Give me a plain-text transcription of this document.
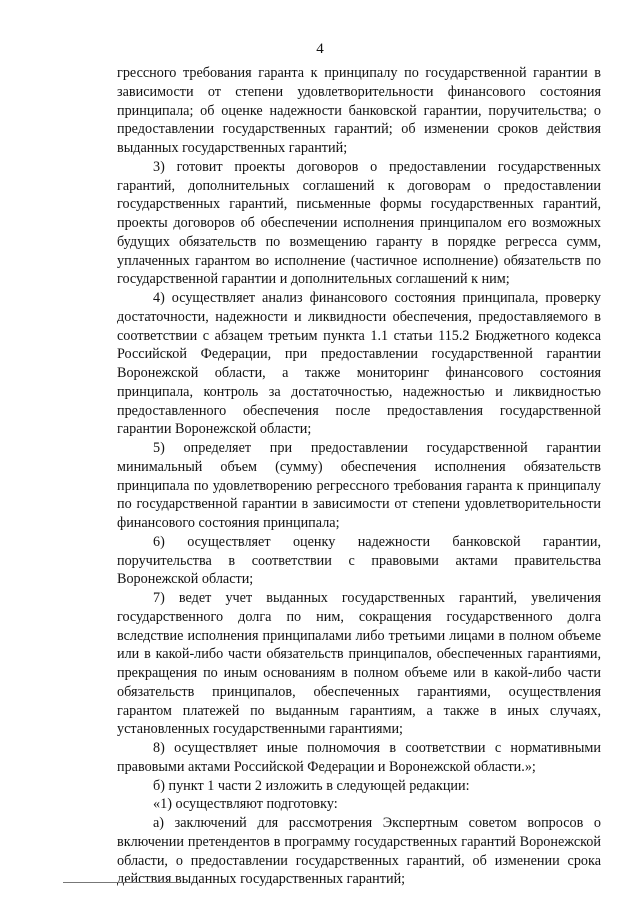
4

грессного требования гаранта к принципалу по государственной гарантии в зависимости от степени удовлетворительности финансового состояния принципала; об оценке надежности банковской гарантии, поручительства; о предоставлении государственных гарантий; об изменении сроков действия выданных государственных гарантий;

3) готовит проекты договоров о предоставлении государственных гарантий, дополнительных соглашений к договорам о предоставлении государственных гарантий, письменные формы государственных гарантий, проекты договоров об обеспечении исполнения принципалом его возможных будущих обязательств по возмещению гаранту в порядке регресса сумм, уплаченных гарантом во исполнение (частичное исполнение) обязательств по государственной гарантии и дополнительных соглашений к ним;

4) осуществляет анализ финансового состояния принципала, проверку достаточности, надежности и ликвидности обеспечения, предоставляемого в соответствии с абзацем третьим пункта 1.1 статьи 115.2 Бюджетного кодекса Российской Федерации, при предоставлении государственной гарантии Воронежской области, а также мониторинг финансового состояния принципала, контроль за достаточностью, надежностью и ликвидностью предоставленного обеспечения после предоставления государственной гарантии Воронежской области;

5) определяет при предоставлении государственной гарантии минимальный объем (сумму) обеспечения исполнения обязательств принципала по удовлетворению регрессного требования гаранта к принципалу по государственной гарантии в зависимости от степени удовлетворительности финансового состояния принципала;

6) осуществляет оценку надежности банковской гарантии, поручительства в соответствии с правовыми актами правительства Воронежской области;

7) ведет учет выданных государственных гарантий, увеличения государственного долга по ним, сокращения государственного долга вследствие исполнения принципалами либо третьими лицами в полном объеме или в какой-либо части обязательств принципалов, обеспеченных гарантиями, прекращения по иным основаниям в полном объеме или в какой-либо части обязательств принципалов, обеспеченных гарантиями, осуществления гарантом платежей по выданным гарантиям, а также в иных случаях, установленных государственными гарантиями;

8) осуществляет иные полномочия в соответствии с нормативными правовыми актами Российской Федерации и Воронежской области.»;

б) пункт 1 части 2 изложить в следующей редакции:

«1) осуществляют подготовку:

а) заключений для рассмотрения Экспертным советом вопросов о включении претендентов в программу государственных гарантий Воронежской области, о предоставлении государственных гарантий, об изменении срока действия выданных государственных гарантий;
